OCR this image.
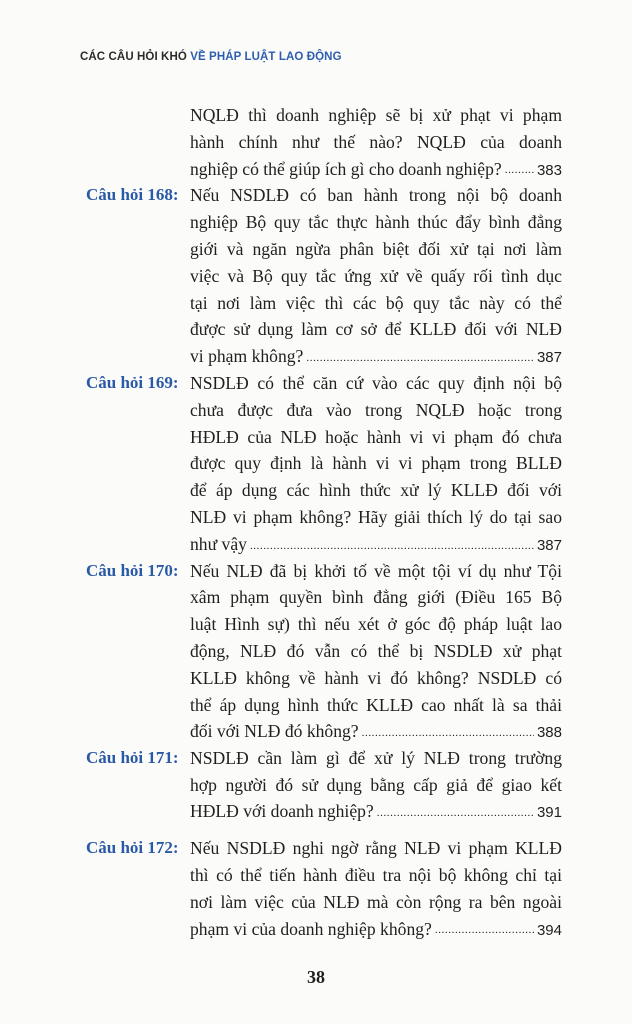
CÁC CÂU HỎI KHÓ VỀ PHÁP LUẬT LAO ĐỘNG
NQLĐ thì doanh nghiệp sẽ bị xử phạt vi phạm
hành chính như thế nào? NQLĐ của doanh
nghiệp có thể giúp ích gì cho doanh nghiệp? ..... 383
Câu hỏi 168: Nếu NSDLĐ có ban hành trong nội bộ doanh
nghiệp Bộ quy tắc thực hành thúc đẩy bình đẳng
giới và ngăn ngừa phân biệt đối xử tại nơi làm
việc và Bộ quy tắc ứng xử về quấy rối tình dục
tại nơi làm việc thì các bộ quy tắc này có thể
được sử dụng làm cơ sở để KLLĐ đối với NLĐ
vi phạm không? .....	387
Câu hỏi 169: NSDLĐ có thể căn cứ vào các quy định nội bộ
chưa được đưa vào trong NQLĐ hoặc trong
HĐLĐ của NLĐ hoặc hành vi vi phạm đó chưa
được quy định là hành vi vi phạm trong BLLĐ
để áp dụng các hình thức xử lý KLLĐ đối với
NLĐ vi phạm không? Hãy giải thích lý do tại sao
như vậy .....	387
Câu hỏi 170: Nếu NLĐ đã bị khởi tố về một tội ví dụ như Tội
xâm phạm quyền bình đẳng giới (Điều 165 Bộ
luật Hình sự) thì nếu xét ở góc độ pháp luật lao
động, NLĐ đó vẫn có thể bị NSDLĐ xử phạt
KLLĐ không về hành vi đó không? NSDLĐ có
thể áp dụng hình thức KLLĐ cao nhất là sa thải
đối với NLĐ đó không? .....	388
Câu hỏi 171: NSDLĐ cần làm gì để xử lý NLĐ trong trường
hợp người đó sử dụng bằng cấp giả để giao kết
HĐLĐ với doanh nghiệp? .....	391
Câu hỏi 172: Nếu NSDLĐ nghi ngờ rằng NLĐ vi phạm KLLĐ
thì có thể tiến hành điều tra nội bộ không chỉ tại
nơi làm việc của NLĐ mà còn rộng ra bên ngoài
phạm vi của doanh nghiệp không? .....	394
38
